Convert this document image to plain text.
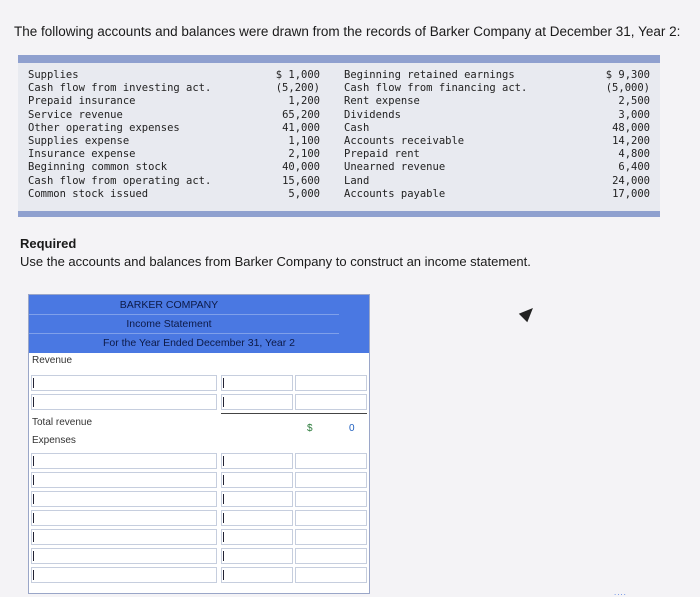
The following accounts and balances were drawn from the records of Barker Company at December 31, Year 2:
Supplies
Cash flow from investing act.
Prepaid insurance
Service revenue
Other operating expenses
Supplies expense
Insurance expense
Beginning common stock
Cash flow from operating act.
Common stock issued
$ 1,000
(5,200)
1,200
65,200
41,000
1,100
2,100
40,000
15,600
5,000
Beginning retained earnings
Cash flow from financing act.
Rent expense
Dividends
Cash
Accounts receivable
Prepaid rent
Unearned revenue
Land
Accounts payable
$ 9,300
(5,000)
2,500
3,000
48,000
14,200
4,800
6,400
24,000
17,000
Required
Use the accounts and balances from Barker Company to construct an income statement.
BARKER COMPANY
Income Statement
For the Year Ended December 31, Year 2
Revenue
Total revenue
$	0
Expenses
....
